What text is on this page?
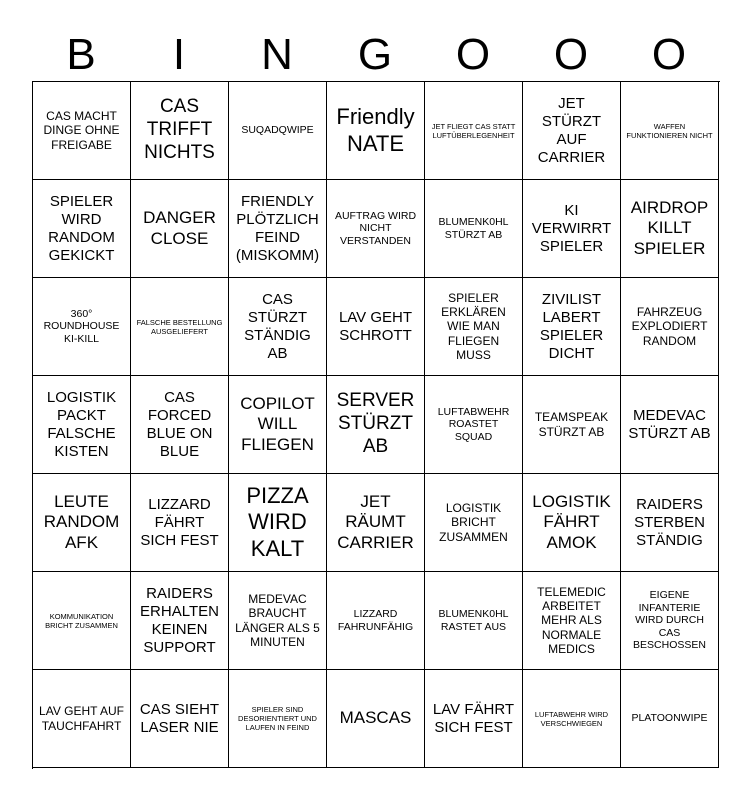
B	I	N	G	O	O	O
CAS MACHT DINGE OHNE FREIGABE
CAS TRIFFT NICHTS
SUQADQWIPE
Friendly NATE
JET FLIEGT CAS STATT LUFTÜBERLEGENHEIT
JET STÜRZT AUF CARRIER
WAFFEN FUNKTIONIEREN NICHT
SPIELER WIRD RANDOM GEKICKT
DANGER CLOSE
FRIENDLY PLÖTZLICH FEIND (MISKOMM)
AUFTRAG WIRD NICHT VERSTANDEN
BLUMENK0HL STÜRZT AB
KI VERWIRRT SPIELER
AIRDROP KILLT SPIELER
360° ROUNDHOUSE KI-KILL
FALSCHE BESTELLUNG AUSGELIEFERT
CAS STÜRZT STÄNDIG AB
LAV GEHT SCHROTT
SPIELER ERKLÄREN WIE MAN FLIEGEN MUSS
ZIVILIST LABERT SPIELER DICHT
FAHRZEUG EXPLODIERT RANDOM
LOGISTIK PACKT FALSCHE KISTEN
CAS FORCED BLUE ON BLUE
COPILOT WILL FLIEGEN
SERVER STÜRZT AB
LUFTABWEHR ROASTET SQUAD
TEAMSPEAK STÜRZT AB
MEDEVAC STÜRZT AB
LEUTE RANDOM AFK
LIZZARD FÄHRT SICH FEST
PIZZA WIRD KALT
JET RÄUMT CARRIER
LOGISTIK BRICHT ZUSAMMEN
LOGISTIK FÄHRT AMOK
RAIDERS STERBEN STÄNDIG
KOMMUNIKATION BRICHT ZUSAMMEN
RAIDERS ERHALTEN KEINEN SUPPORT
MEDEVAC BRAUCHT LÄNGER ALS 5 MINUTEN
LIZZARD FAHRUNFÄHIG
BLUMENK0HL RASTET AUS
TELEMEDIC ARBEITET MEHR ALS NORMALE MEDICS
EIGENE INFANTERIE WIRD DURCH CAS BESCHOSSEN
LAV GEHT AUF TAUCHFAHRT
CAS SIEHT LASER NIE
SPIELER SIND DESORIENTIERT UND LAUFEN IN FEIND
MASCAS	LAV FÄHRT SICH FEST
LUFTABWEHR WIRD VERSCHWIEGEN	PLATOONWIPE
